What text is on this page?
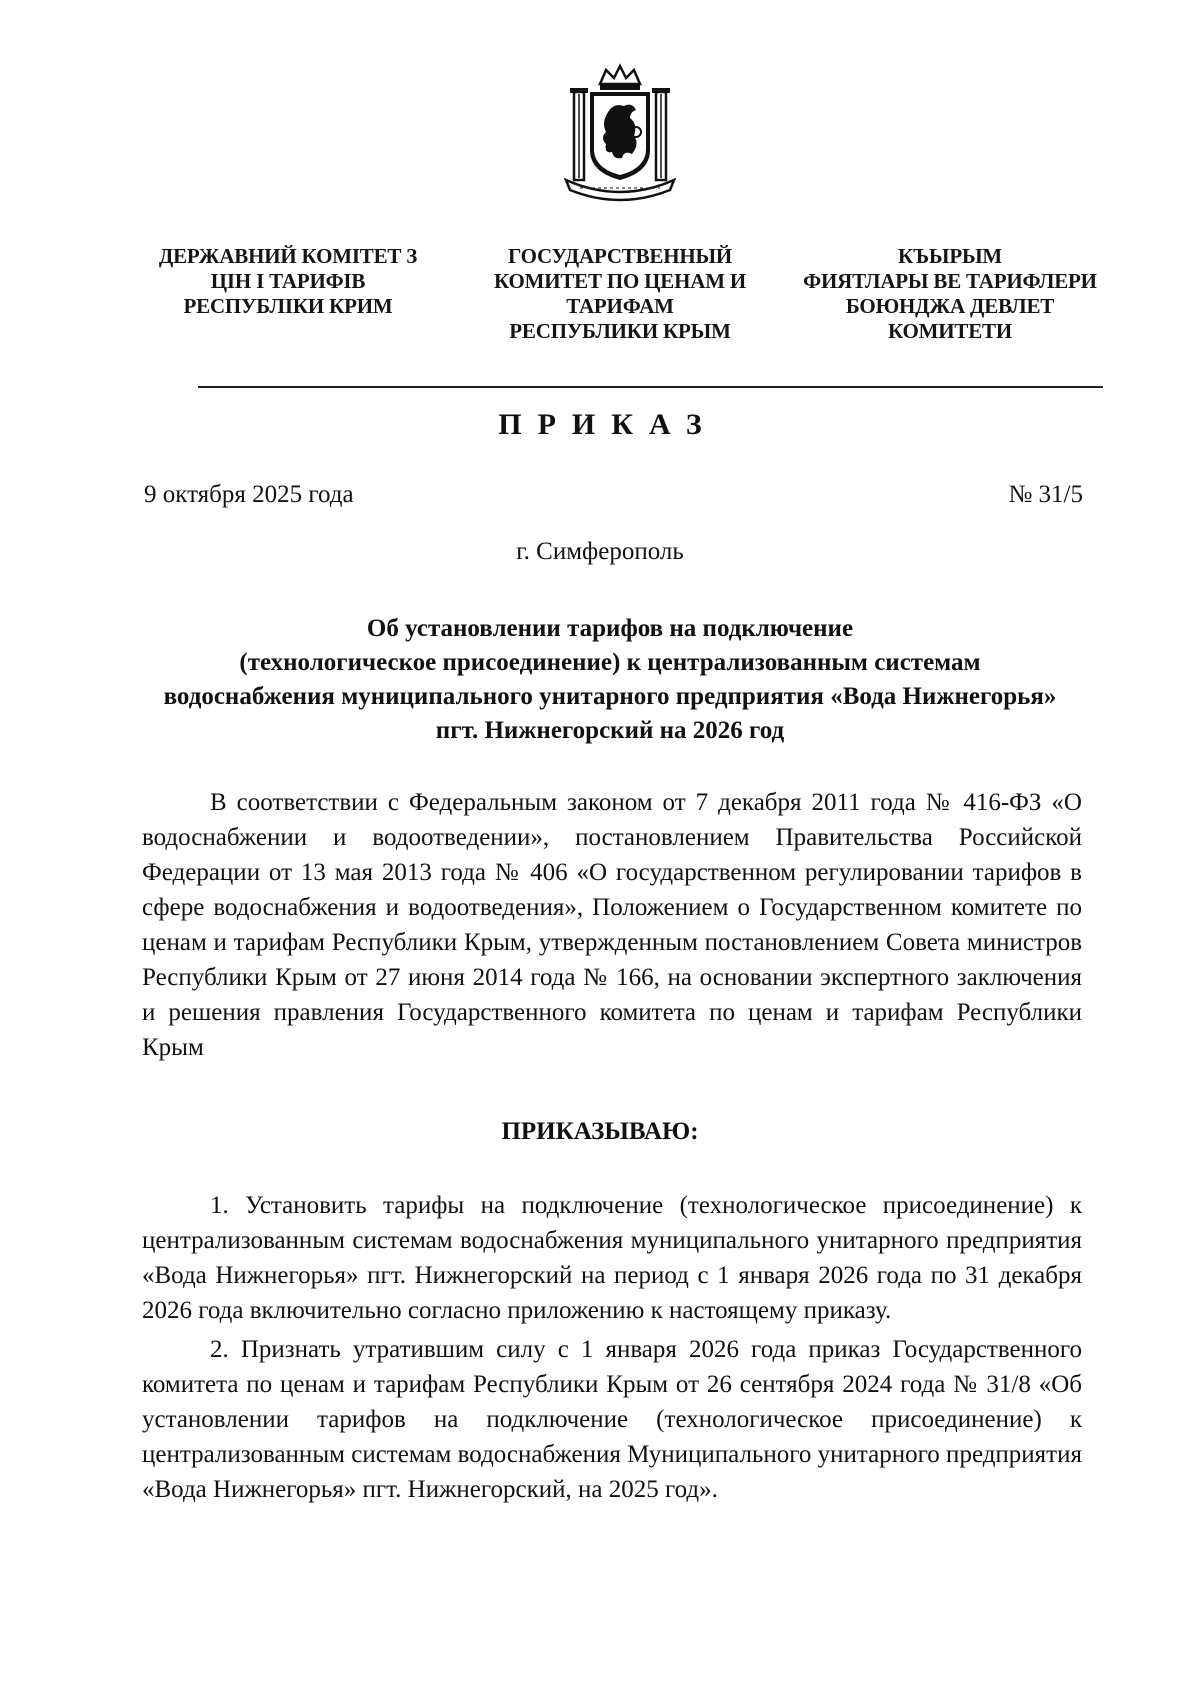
ДЕРЖАВНИЙ КОМІТЕТ З
ЦІН І ТАРИФІВ
РЕСПУБЛІКИ КРИМ
ГОСУДАРСТВЕННЫЙ
КОМИТЕТ ПО ЦЕНАМ И
ТАРИФАМ
РЕСПУБЛИКИ КРЫМ
КЪЫРЫМ
ФИЯТЛАРЫ ВЕ ТАРИФЛЕРИ
БОЮНДЖА ДЕВЛЕТ
КОМИТЕТИ
ПРИКАЗ
9 октября 2025 года	№ 31/5
г. Симферополь
Об установлении тарифов на подключение
(технологическое присоединение) к централизованным системам
водоснабжения муниципального унитарного предприятия «Вода Нижнегорья»
пгт. Нижнегорский на 2026 год
В соответствии с Федеральным законом от 7 декабря 2011 года № 416-ФЗ «О водоснабжении и водоотведении», постановлением Правительства Российской Федерации от 13 мая 2013 года № 406 «О государственном регулировании тарифов в сфере водоснабжения и водоотведения», Положением о Государственном комитете по ценам и тарифам Республики Крым, утвержденным постановлением Совета министров Республики Крым от 27 июня 2014 года № 166, на основании экспертного заключения и решения правления Государственного комитета по ценам и тарифам Республики Крым
ПРИКАЗЫВАЮ:

1. Установить тарифы на подключение (технологическое присоединение) к централизованным системам водоснабжения муниципального унитарного предприятия «Вода Нижнегорья» пгт. Нижнегорский на период с 1 января 2026 года по 31 декабря 2026 года включительно согласно приложению к настоящему приказу.

2. Признать утратившим силу с 1 января 2026 года приказ Государственного комитета по ценам и тарифам Республики Крым от 26 сентября 2024 года № 31/8 «Об установлении тарифов на подключение (технологическое присоединение) к централизованным системам водоснабжения Муниципального унитарного предприятия «Вода Нижнегорья» пгт. Нижнегорский, на 2025 год».
